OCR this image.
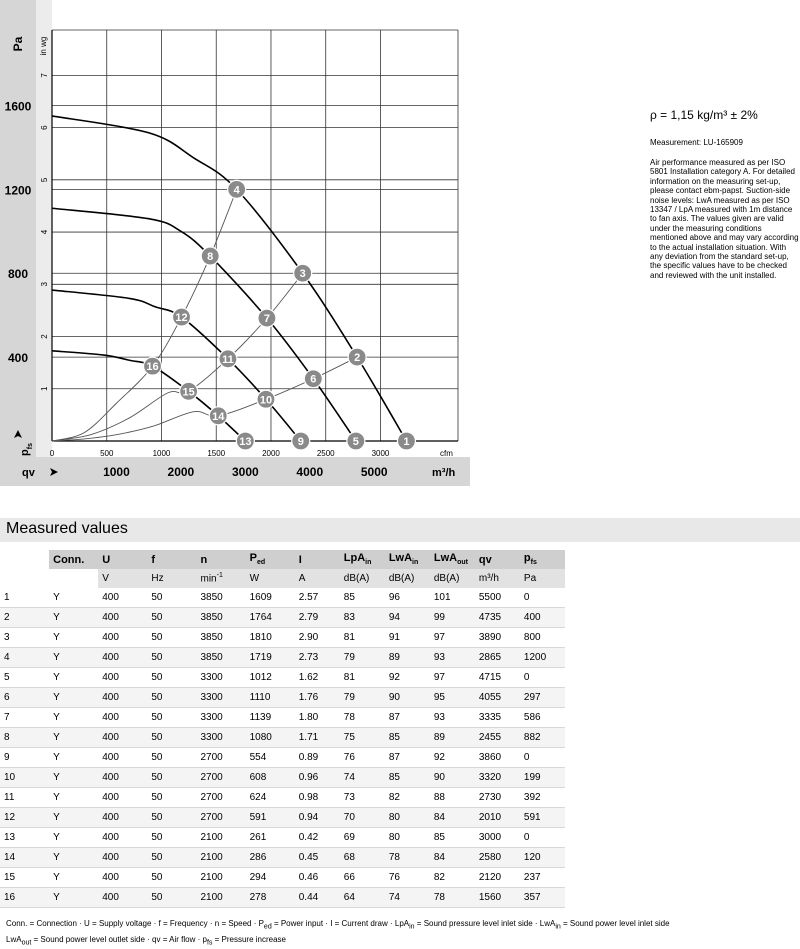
400
800
1200
1600
Pa
1
2
3
4
5
6
7
in wg
$p_{fs}$
0	500	1000	1500	2000	2500	3000	cfm
1000	2000	3000	4000	5000	m³/h
qv
1
2
3
4
5
6
7
8
9
10
11
12
13
14
15
16
ρ = 1,15 kg/m³ ± 2%
Measurement: LU-165909
Air performance measured as per ISO 5801 Installation category A. For detailed information on the measuring set-up, please contact ebm-papst. Suction-side noise levels: LwA measured as per ISO 13347 / LpA measured with 1m distance to fan axis. The values given are valid under the measuring conditions mentioned above and may vary according to the actual installation situation. With any deviation from the standard set-up, the specific values have to be checked and reviewed with the unit installed.
Measured values
	Conn.	U	f	n	$P_{ed}$	I	LpA$_{in}$	LwA$_{in}$	LwA$_{out}$	qv	$p_{fs}$
		V	Hz	$\min^{-1}$	W	A	dB(A)	dB(A)	dB(A)	m³/h	Pa
1	Y	400	50	3850	1609	2.57	85	96	101	5500	0
2	Y	400	50	3850	1764	2.79	83	94	99	4735	400
3	Y	400	50	3850	1810	2.90	81	91	97	3890	800
4	Y	400	50	3850	1719	2.73	79	89	93	2865	1200
5	Y	400	50	3300	1012	1.62	81	92	97	4715	0
6	Y	400	50	3300	1110	1.76	79	90	95	4055	297
7	Y	400	50	3300	1139	1.80	78	87	93	3335	586
8	Y	400	50	3300	1080	1.71	75	85	89	2455	882
9	Y	400	50	2700	554	0.89	76	87	92	3860	0
10	Y	400	50	2700	608	0.96	74	85	90	3320	199
11	Y	400	50	2700	624	0.98	73	82	88	2730	392
12	Y	400	50	2700	591	0.94	70	80	84	2010	591
13	Y	400	50	2100	261	0.42	69	80	85	3000	0
14	Y	400	50	2100	286	0.45	68	78	84	2580	120
15	Y	400	50	2100	294	0.46	66	76	82	2120	237
16	Y	400	50	2100	278	0.44	64	74	78	1560	357
Conn. = Connection · U = Supply voltage · f = Frequency · n = Speed · $P_{ed}$ = Power input · I = Current draw · LpA$_{in}$ = Sound pressure level inlet side · LwA$_{in}$ = Sound power level inlet side
LwA$_{out}$ = Sound power level outlet side · qv = Air flow · $p_{fs}$ = Pressure increase
